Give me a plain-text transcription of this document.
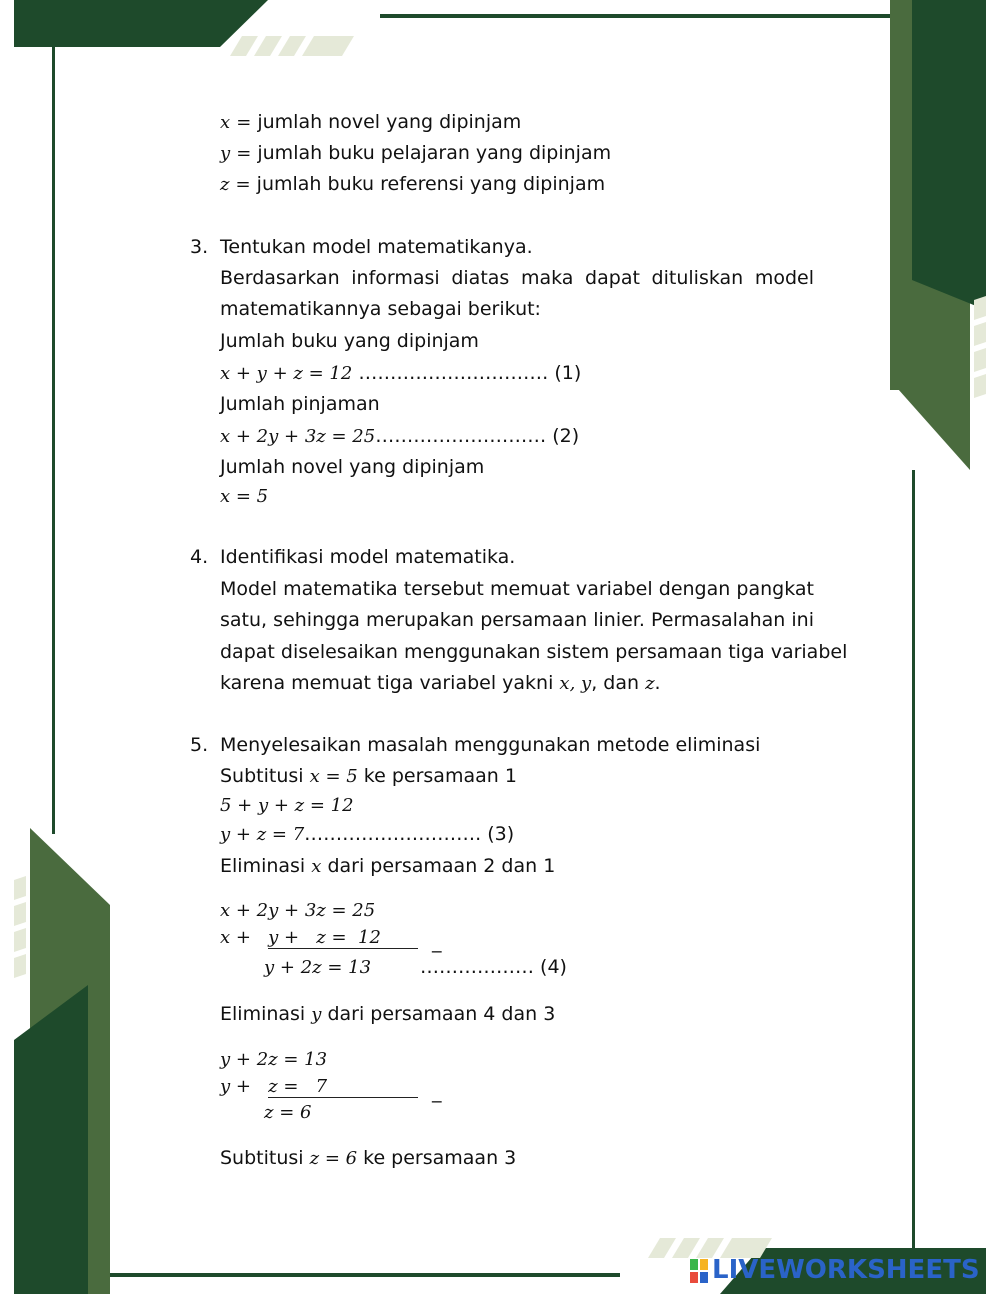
x = jumlah novel yang dipinjam
y = jumlah buku pelajaran yang dipinjam
z = jumlah buku referensi yang dipinjam
3. Tentukan model matematikanya.
Berdasarkan informasi diatas maka dapat dituliskan model
matematikannya sebagai berikut:
Jumlah buku yang dipinjam
x + y + z = 12 ………………………… (1)
Jumlah pinjaman
x + 2y + 3z = 25……………………… (2)
Jumlah novel yang dipinjam
x = 5
4. Identifikasi model matematika.
Model matematika tersebut memuat variabel dengan pangkat
satu, sehingga merupakan persamaan linier. Permasalahan ini
dapat diselesaikan menggunakan sistem persamaan tiga variabel
karena memuat tiga variabel yakni x, y, dan z.
5. Menyelesaikan masalah menggunakan metode eliminasi
Subtitusi x = 5 ke persamaan 1
5 + y + z = 12
y + z = 7………………………. (3)
Eliminasi x dari persamaan 2 dan 1
x + 2y + 3z = 25
x +   y +   z =  12	_
y + 2z = 13	……………… (4)
Eliminasi y dari persamaan 4 dan 3
y + 2z = 13
y +   z =   7	_
z = 6
Subtitusi z = 6 ke persamaan 3
LIVEWORKSHEETS
